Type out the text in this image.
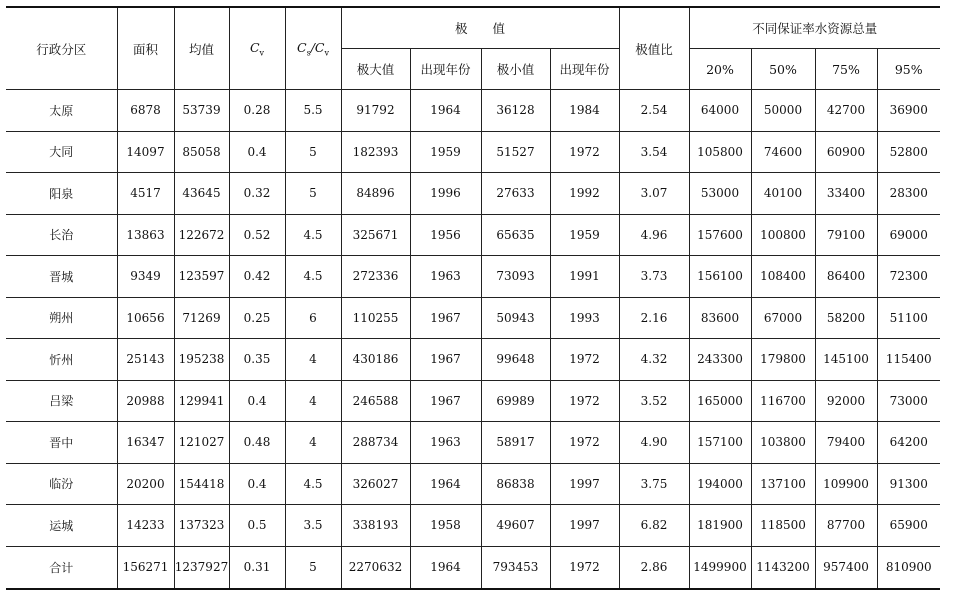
行政分区	面积	均值	$C_v$	$C_s/C_v$	极　　值				极值比	不同保证率水资源总量			
					极大值	出现年份	极小值	出现年份		20%	50%	75%	95%
太原	6878	53739	0.28	5.5	91792	1964	36128	1984	2.54	64000	50000	42700	36900
大同	14097	85058	0.4	5	182393	1959	51527	1972	3.54	105800	74600	60900	52800
阳泉	4517	43645	0.32	5	84896	1996	27633	1992	3.07	53000	40100	33400	28300
长治	13863	122672	0.52	4.5	325671	1956	65635	1959	4.96	157600	100800	79100	69000
晋城	9349	123597	0.42	4.5	272336	1963	73093	1991	3.73	156100	108400	86400	72300
朔州	10656	71269	0.25	6	110255	1967	50943	1993	2.16	83600	67000	58200	51100
忻州	25143	195238	0.35	4	430186	1967	99648	1972	4.32	243300	179800	145100	115400
吕梁	20988	129941	0.4	4	246588	1967	69989	1972	3.52	165000	116700	92000	73000
晋中	16347	121027	0.48	4	288734	1963	58917	1972	4.90	157100	103800	79400	64200
临汾	20200	154418	0.4	4.5	326027	1964	86838	1997	3.75	194000	137100	109900	91300
运城	14233	137323	0.5	3.5	338193	1958	49607	1997	6.82	181900	118500	87700	65900
合计	156271	1237927	0.31	5	2270632	1964	793453	1972	2.86	1499900	1143200	957400	810900
